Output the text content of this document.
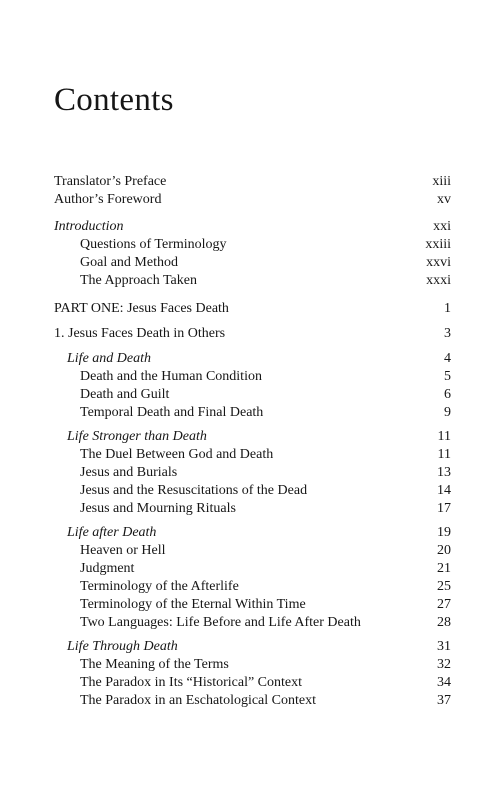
Contents
Translator’s Preface	xiii
Author’s Foreword	xv
Introduction	xxi
Questions of Terminology	xxiii
Goal and Method	xxvi
The Approach Taken	xxxi
PART ONE: Jesus Faces Death	1
1. Jesus Faces Death in Others	3
Life and Death	4
Death and the Human Condition	5
Death and Guilt	6
Temporal Death and Final Death	9
Life Stronger than Death	11
The Duel Between God and Death	11
Jesus and Burials	13
Jesus and the Resuscitations of the Dead	14
Jesus and Mourning Rituals	17
Life after Death	19
Heaven or Hell	20
Judgment	21
Terminology of the Afterlife	25
Terminology of the Eternal Within Time	27
Two Languages: Life Before and Life After Death	28
Life Through Death	31
The Meaning of the Terms	32
The Paradox in Its “Historical” Context	34
The Paradox in an Eschatological Context	37
